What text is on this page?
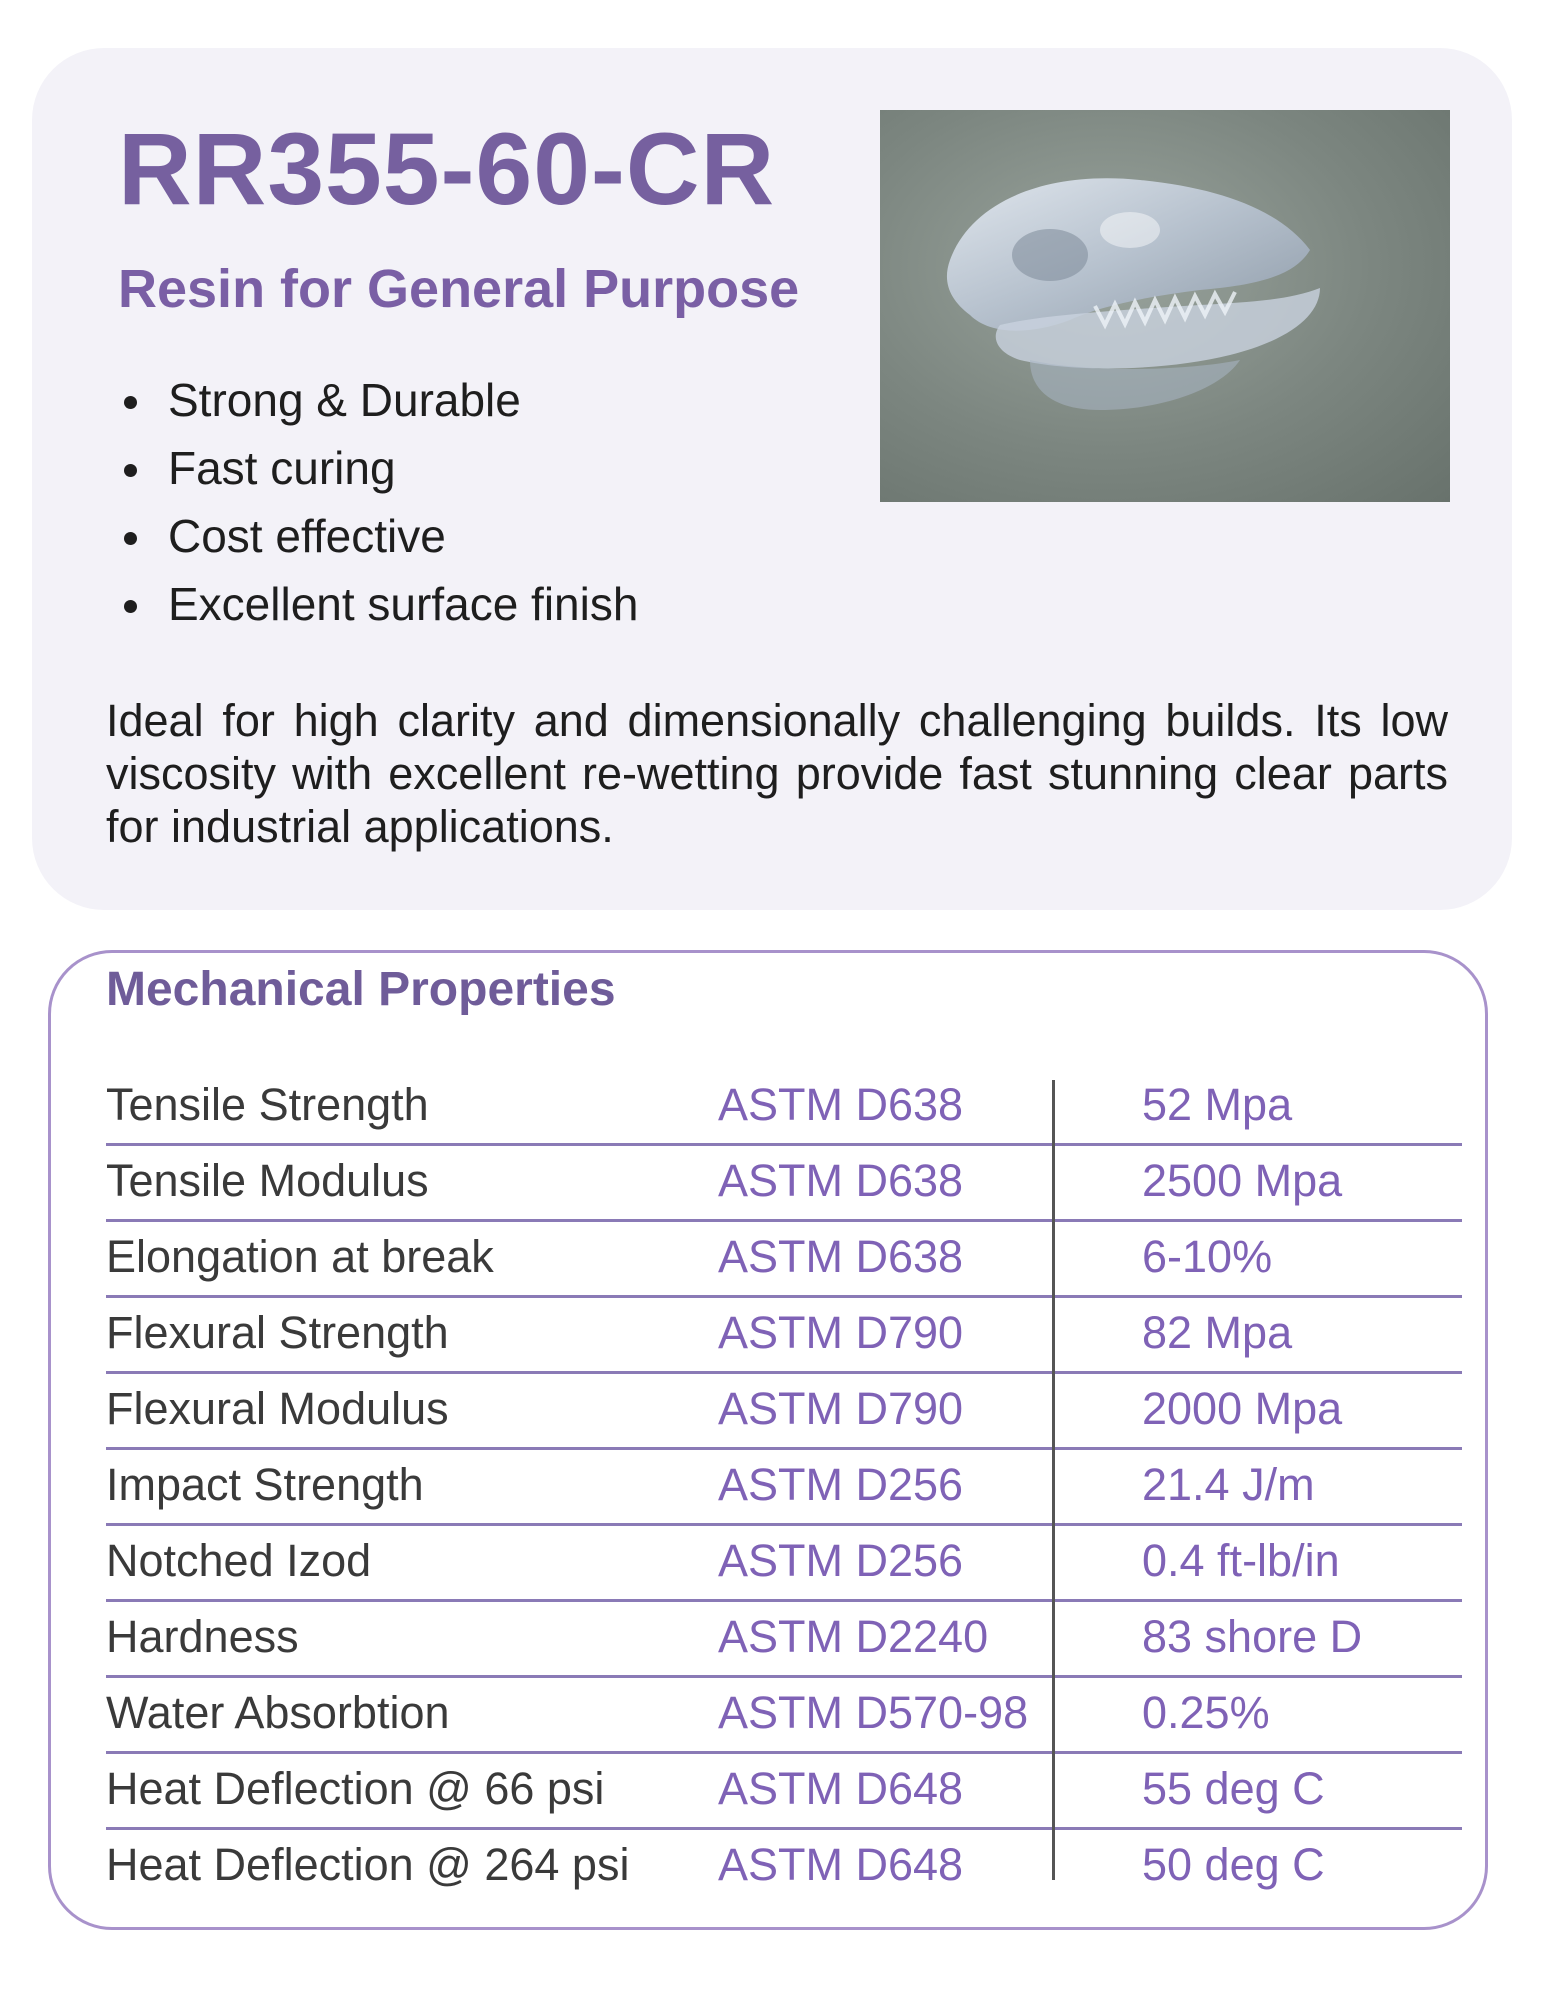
RR355-60-CR
Resin for General Purpose
Strong & Durable
Fast curing
Cost effective
Excellent surface finish

Ideal for high clarity and dimensionally challenging builds. Its low viscosity with excellent re-wetting provide fast stunning clear parts for industrial applications.

Mechanical Properties
Tensile Strength	ASTM D638	52 Mpa
Tensile Modulus	ASTM D638	2500 Mpa
Elongation at break	ASTM D638	6-10%
Flexural Strength	ASTM D790	82 Mpa
Flexural Modulus	ASTM D790	2000 Mpa
Impact Strength	ASTM D256	21.4 J/m
Notched Izod	ASTM D256	0.4 ft-lb/in
Hardness	ASTM D2240	83 shore D
Water Absorbtion	ASTM D570-98	0.25%
Heat Deflection @ 66 psi	ASTM D648	55 deg C
Heat Deflection @ 264 psi ASTM D648	50 deg C
